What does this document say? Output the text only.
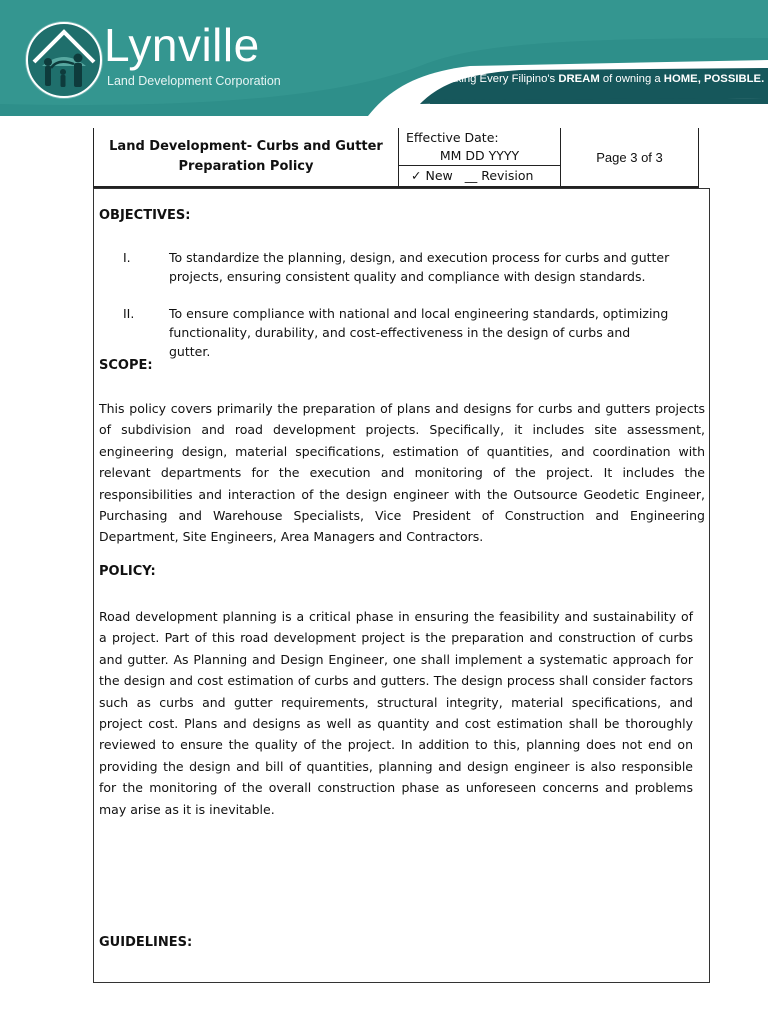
Lynville
Land Development Corporation	Making Every Filipino's DREAM of owning a HOME, POSSIBLE.
Land Development- Curbs and Gutter Preparation Policy
Effective Date:
MM DD YYYY
✓ New __ Revision
Page 3 of 3
OBJECTIVES:
I.	To standardize the planning, design, and execution process for curbs and gutter projects, ensuring consistent quality and compliance with design standards.
II.	To ensure compliance with national and local engineering standards, optimizing functionality, durability, and cost-effectiveness in the design of curbs and gutter.
SCOPE:
This policy covers primarily the preparation of plans and designs for curbs and gutters projects of subdivision and road development projects. Specifically, it includes site assessment, engineering design, material specifications, estimation of quantities, and coordination with relevant departments for the execution and monitoring of the project. It includes the responsibilities and interaction of the design engineer with the Outsource Geodetic Engineer, Purchasing and Warehouse Specialists, Vice President of Construction and Engineering Department, Site Engineers, Area Managers and Contractors.
POLICY:
Road development planning is a critical phase in ensuring the feasibility and sustainability of a project. Part of this road development project is the preparation and construction of curbs and gutter. As Planning and Design Engineer, one shall implement a systematic approach for the design and cost estimation of curbs and gutters. The design process shall consider factors such as curbs and gutter requirements, structural integrity, material specifications, and project cost. Plans and designs as well as quantity and cost estimation shall be thoroughly reviewed to ensure the quality of the project. In addition to this, planning does not end on providing the design and bill of quantities, planning and design engineer is also responsible for the monitoring of the overall construction phase as unforeseen concerns and problems may arise as it is inevitable.
GUIDELINES:
